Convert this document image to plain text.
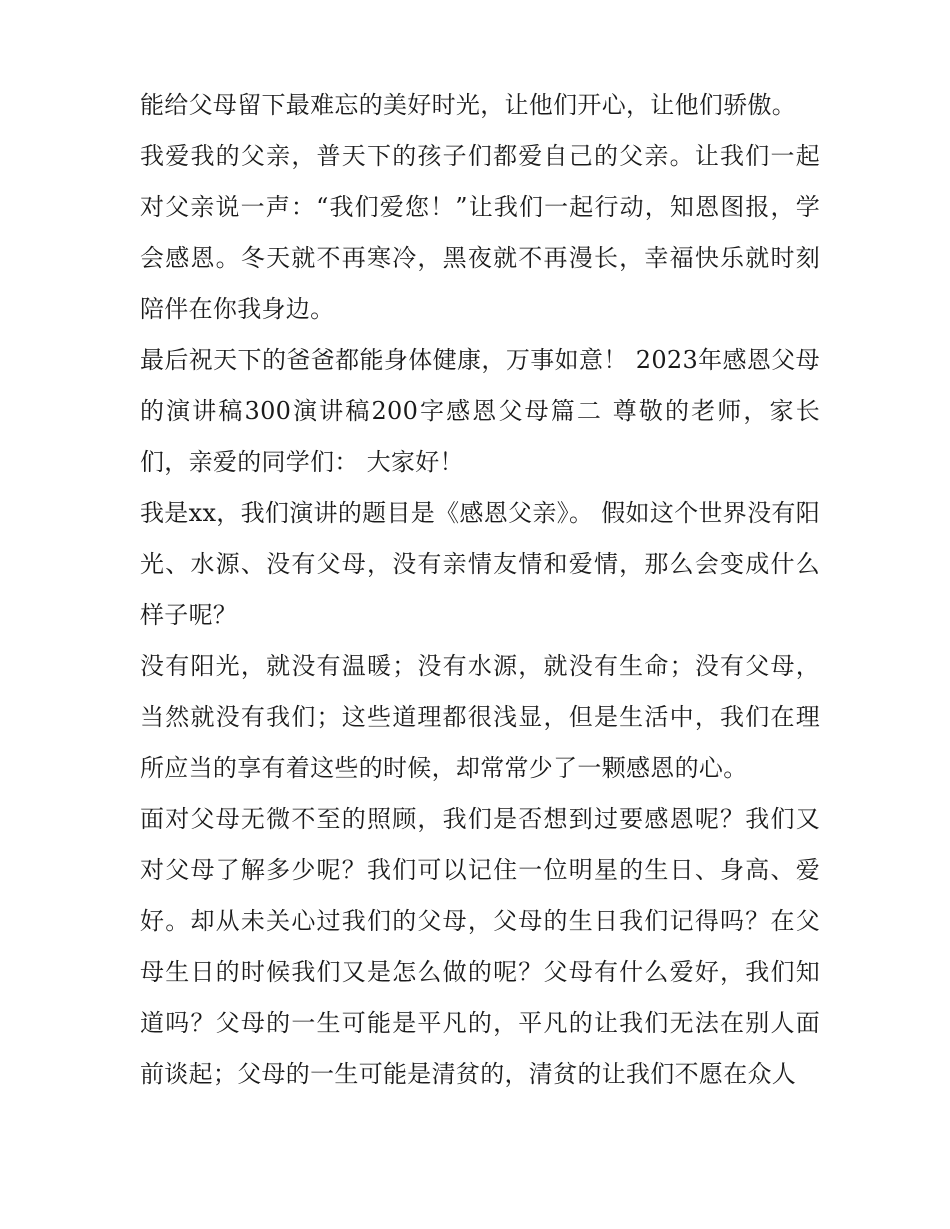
能给父母留下最难忘的美好时光，让他们开心，让他们骄傲。

我爱我的父亲，普天下的孩子们都爱自己的父亲。让我们一起对父亲说一声：“我们爱您！”让我们一起行动，知恩图报，学会感恩。冬天就不再寒冷，黑夜就不再漫长，幸福快乐就时刻陪伴在你我身边。

最后祝天下的爸爸都能身体健康，万事如意！ 2023年感恩父母的演讲稿300演讲稿200字感恩父母篇二 尊敬的老师，家长们，亲爱的同学们： 大家好！

我是xx，我们演讲的题目是《感恩父亲》。 假如这个世界没有阳光、水源、没有父母，没有亲情友情和爱情，那么会变成什么样子呢？

没有阳光，就没有温暖；没有水源，就没有生命；没有父母，当然就没有我们；这些道理都很浅显，但是生活中，我们在理所应当的享有着这些的时候，却常常少了一颗感恩的心。

面对父母无微不至的照顾，我们是否想到过要感恩呢？我们又对父母了解多少呢？我们可以记住一位明星的生日、身高、爱好。却从未关心过我们的父母，父母的生日我们记得吗？在父母生日的时候我们又是怎么做的呢？父母有什么爱好，我们知道吗？父母的一生可能是平凡的，平凡的让我们无法在别人面前谈起；父母的一生可能是清贫的，清贫的让我们不愿在众人
